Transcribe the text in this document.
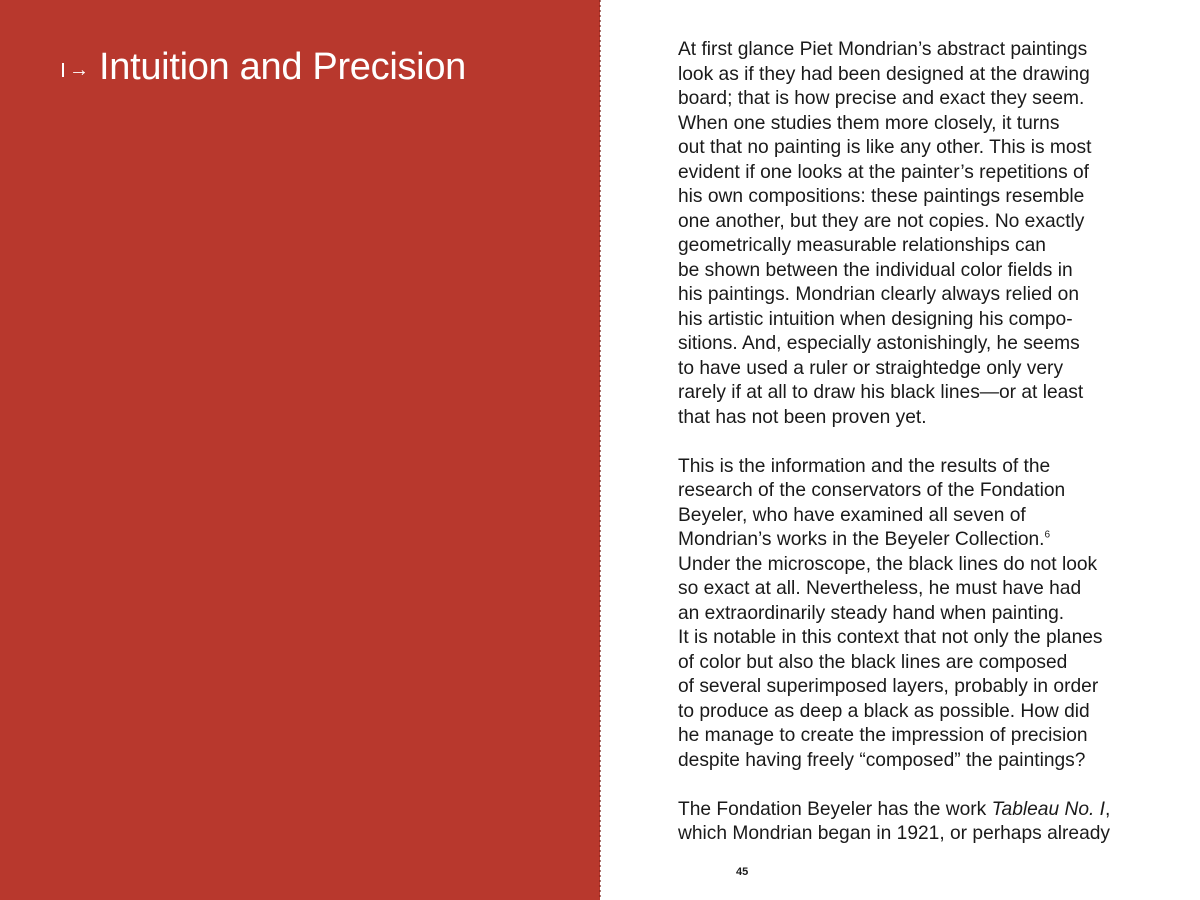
→ Intuition and Precision	At first glance Piet Mondrian’s abstract paintings
look as if they had been designed at the drawing
board; that is how precise and exact they seem.
When one studies them more closely, it turns
out that no painting is like any other. This is most
evident if one looks at the painter’s repetitions of
his own compositions: these paintings resemble
one another, but they are not copies. No exactly
geometrically measurable relationships can
be shown between the individual color fields in
his paintings. Mondrian clearly always relied on
his artistic intuition when designing his compo-
sitions. And, especially astonishingly, he seems
to have used a ruler or straightedge only very
rarely if at all to draw his black lines—or at least
that has not been proven yet.

This is the information and the results of the
research of the conservators of the Fondation
Beyeler, who have examined all seven of
Mondrian’s works in the Beyeler Collection.$^6$
Under the microscope, the black lines do not look
so exact at all. Nevertheless, he must have had
an extraordinarily steady hand when painting.
It is notable in this context that not only the planes
of color but also the black lines are composed
of several superimposed layers, probably in order
to produce as deep a black as possible. How did
he manage to create the impression of precision
despite having freely “composed” the paintings?

The Fondation Beyeler has the work Tableau No. I,
which Mondrian began in 1921, or perhaps already

45
